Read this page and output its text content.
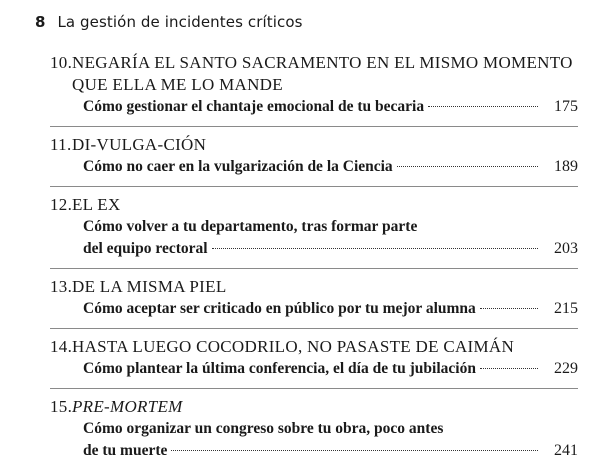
8 La gestión de incidentes críticos
10. NEGARÍA EL SANTO SACRAMENTO EN EL MISMO MOMENTO
QUE ELLA ME LO MANDE
Cómo gestionar el chantaje emocional de tu becaria	175
11. DI-VULGA-CIÓN
Cómo no caer en la vulgarización de la Ciencia	189
12. EL EX
Cómo volver a tu departamento, tras formar parte
del equipo rectoral	203
13. DE LA MISMA PIEL
Cómo aceptar ser criticado en público por tu mejor alumna	215
14. HASTA LUEGO COCODRILO, NO PASASTE DE CAIMÁN
Cómo plantear la última conferencia, el día de tu jubilación	229
15. PRE-MORTEM
Cómo organizar un congreso sobre tu obra, poco antes
de tu muerte	241
